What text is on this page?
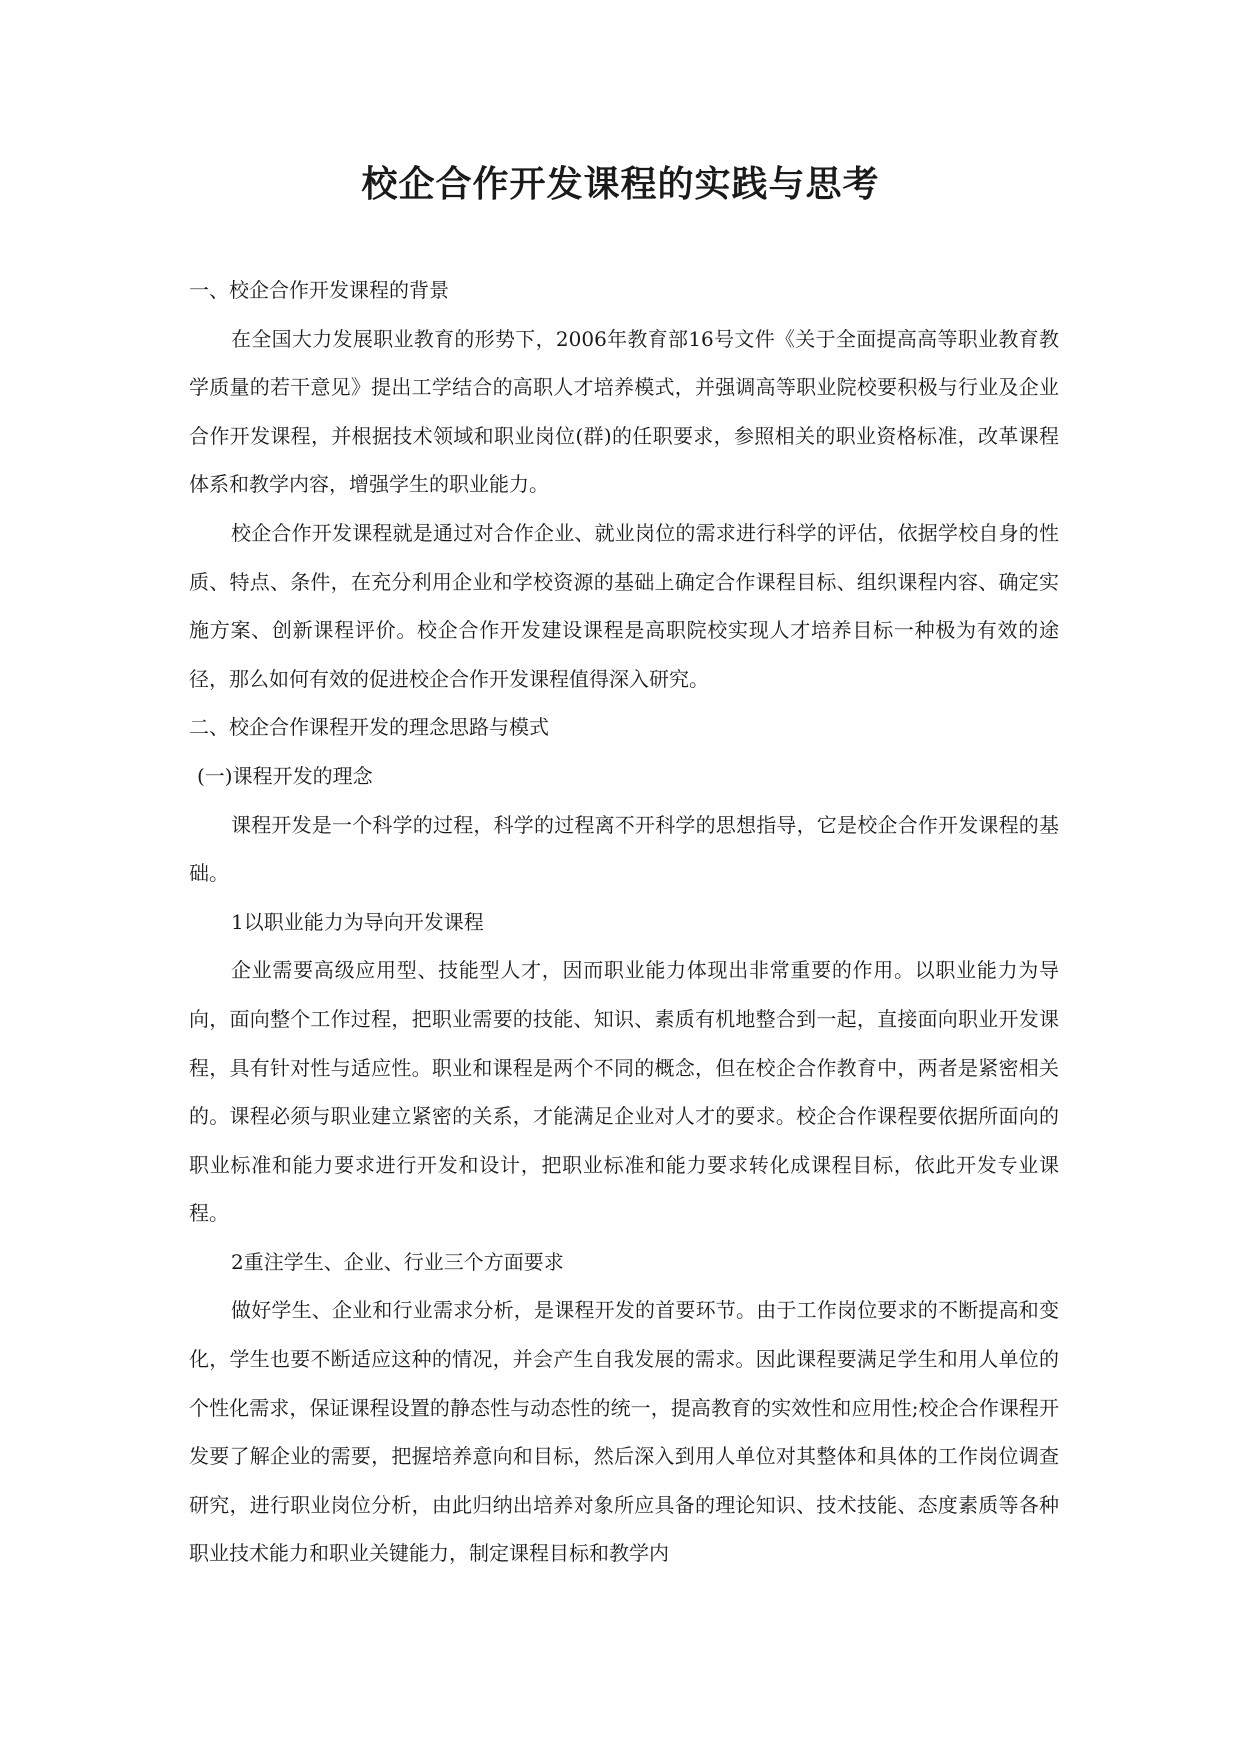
校企合作开发课程的实践与思考

一、校企合作开发课程的背景

在全国大力发展职业教育的形势下，2006年教育部16号文件《关于全面提高高等职业教育教学质量的若干意见》提出工学结合的高职人才培养模式，并强调高等职业院校要积极与行业及企业合作开发课程，并根据技术领域和职业岗位(群)的任职要求，参照相关的职业资格标准，改革课程体系和教学内容，增强学生的职业能力。

校企合作开发课程就是通过对合作企业、就业岗位的需求进行科学的评估，依据学校自身的性质、特点、条件，在充分利用企业和学校资源的基础上确定合作课程目标、组织课程内容、确定实施方案、创新课程评价。校企合作开发建设课程是高职院校实现人才培养目标一种极为有效的途径，那么如何有效的促进校企合作开发课程值得深入研究。

二、校企合作课程开发的理念思路与模式

(一)课程开发的理念

课程开发是一个科学的过程，科学的过程离不开科学的思想指导，它是校企合作开发课程的基础。

1以职业能力为导向开发课程

企业需要高级应用型、技能型人才，因而职业能力体现出非常重要的作用。以职业能力为导向，面向整个工作过程，把职业需要的技能、知识、素质有机地整合到一起，直接面向职业开发课程，具有针对性与适应性。职业和课程是两个不同的概念，但在校企合作教育中，两者是紧密相关的。课程必须与职业建立紧密的关系，才能满足企业对人才的要求。校企合作课程要依据所面向的职业标准和能力要求进行开发和设计，把职业标准和能力要求转化成课程目标，依此开发专业课程。

2重注学生、企业、行业三个方面要求

做好学生、企业和行业需求分析，是课程开发的首要环节。由于工作岗位要求的不断提高和变化，学生也要不断适应这种的情况，并会产生自我发展的需求。因此课程要满足学生和用人单位的个性化需求，保证课程设置的静态性与动态性的统一，提高教育的实效性和应用性;校企合作课程开发要了解企业的需要，把握培养意向和目标，然后深入到用人单位对其整体和具体的工作岗位调查研究，进行职业岗位分析，由此归纳出培养对象所应具备的理论知识、技术技能、态度素质等各种职业技术能力和职业关键能力，制定课程目标和教学内
